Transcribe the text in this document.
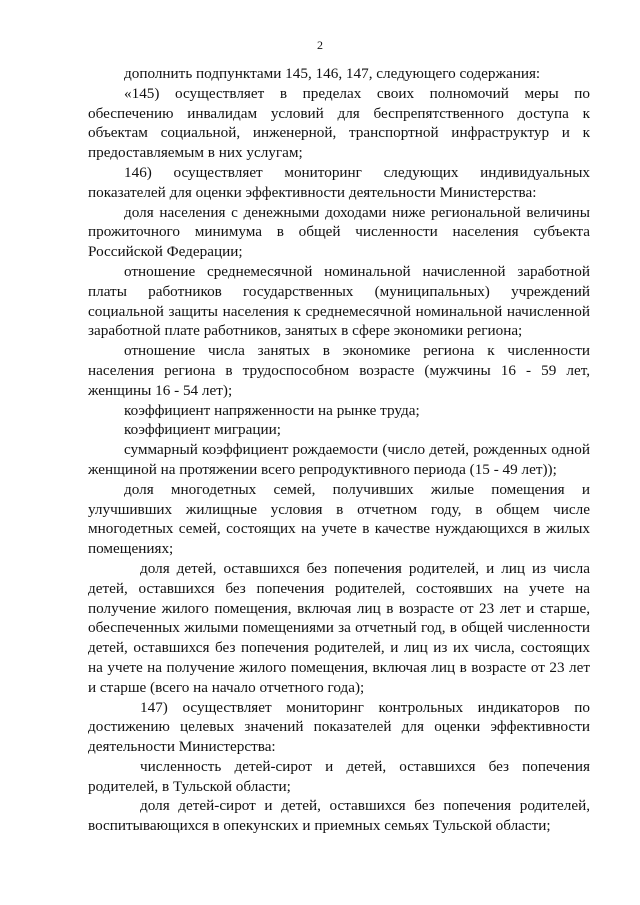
2

дополнить подпунктами 145, 146, 147, следующего содержания:

«145) осуществляет в пределах своих полномочий меры по обеспечению инвалидам условий для беспрепятственного доступа к объектам социальной, инженерной, транспортной инфраструктур и к предоставляемым в них услугам;

146) осуществляет мониторинг следующих индивидуальных показателей для оценки эффективности деятельности Министерства:

доля населения с денежными доходами ниже региональной величины прожиточного минимума в общей численности населения субъекта Российской Федерации;

отношение среднемесячной номинальной начисленной заработной платы работников государственных (муниципальных) учреждений социальной защиты населения к среднемесячной номинальной начисленной заработной плате работников, занятых в сфере экономики региона;

отношение числа занятых в экономике региона к численности населения региона в трудоспособном возрасте (мужчины 16 - 59 лет, женщины 16 - 54 лет);

коэффициент напряженности на рынке труда;

коэффициент миграции;

суммарный коэффициент рождаемости (число детей, рожденных одной женщиной на протяжении всего репродуктивного периода (15 - 49 лет));

доля многодетных семей, получивших жилые помещения и улучшивших жилищные условия в отчетном году, в общем числе многодетных семей, состоящих на учете в качестве нуждающихся в жилых помещениях;

доля детей, оставшихся без попечения родителей, и лиц из числа детей, оставшихся без попечения родителей, состоявших на учете на получение жилого помещения, включая лиц в возрасте от 23 лет и старше, обеспеченных жилыми помещениями за отчетный год, в общей численности детей, оставшихся без попечения родителей, и лиц из их числа, состоящих на учете на получение жилого помещения, включая лиц в возрасте от 23 лет и старше (всего на начало отчетного года);

147) осуществляет мониторинг контрольных индикаторов по достижению целевых значений показателей для оценки эффективности деятельности Министерства:

численность детей-сирот и детей, оставшихся без попечения родителей, в Тульской области;

доля детей-сирот и детей, оставшихся без попечения родителей, воспитывающихся в опекунских и приемных семьях Тульской области;
